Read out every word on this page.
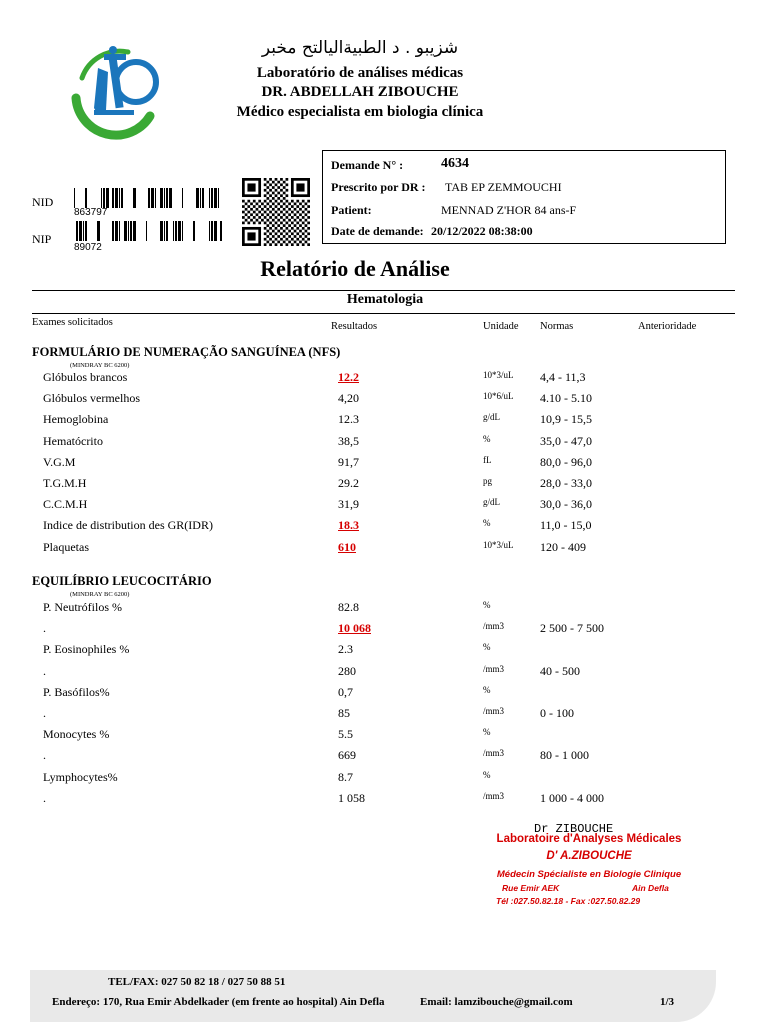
شزيبو . د الطبيةاليالتح مخبر
Laboratório de análises médicas
DR. ABDELLAH ZIBOUCHE
Médico especialista em biologia clínica
NID
863797
NIP
89072
Demande N° :	4634
Prescrito por DR : TAB EP ZEMMOUCHI
Patient:	MENNAD Z'HOR 84 ans-F
Date de demande: 20/12/2022 08:38:00
Relatório de Análise
Hematologia
Exames solicitados	Resultados	Unidade Normas	Anterioridade
FORMULÁRIO DE NUMERAÇÃO SANGUÍNEA (NFS)
(MINDRAY BC 6200)
Glóbulos brancos	12.2	10*3/uL 4,4 - 11,3
Glóbulos vermelhos	4,20	10*6/uL 4.10 - 5.10
Hemoglobina	12.3	g/dL	10,9 - 15,5
Hematócrito	38,5	%	35,0 - 47,0
V.G.M	91,7	fL	80,0 - 96,0
T.G.M.H	29.2	pg	28,0 - 33,0
C.C.M.H	31,9	g/dL	30,0 - 36,0
Indice de distribution des GR(IDR)	18.3	%	11,0 - 15,0
Plaquetas	610	10*3/uL 120 - 409
EQUILÍBRIO LEUCOCITÁRIO
(MINDRAY BC 6200)
P. Neutrófilos %	82.8	%
.	10 068	/mm3	2 500 - 7 500
P. Eosinophiles %	2.3	%
.	280	/mm3	40 - 500
P. Basófilos%	0,7	%
.	85	/mm3	0 - 100
Monocytes %	5.5	%
.	669	/mm3	80 - 1 000
Lymphocytes%	8.7	%
.	1 058	/mm3	1 000 - 4 000
Dr ZIBOUCHE
Laboratoire d'Analyses Médicales
D' A.ZIBOUCHE
Médecin Spécialiste en Biologie Clinique
Rue Emir AEK	Ain Defla
Tél :027.50.82.18 - Fax :027.50.82.29
TEL/FAX: 027 50 82 18 / 027 50 88 51
Endereço: 170, Rua Emir Abdelkader (em frente ao hospital) Ain Defla	Email: lamzibouche@gmail.com	1/3
